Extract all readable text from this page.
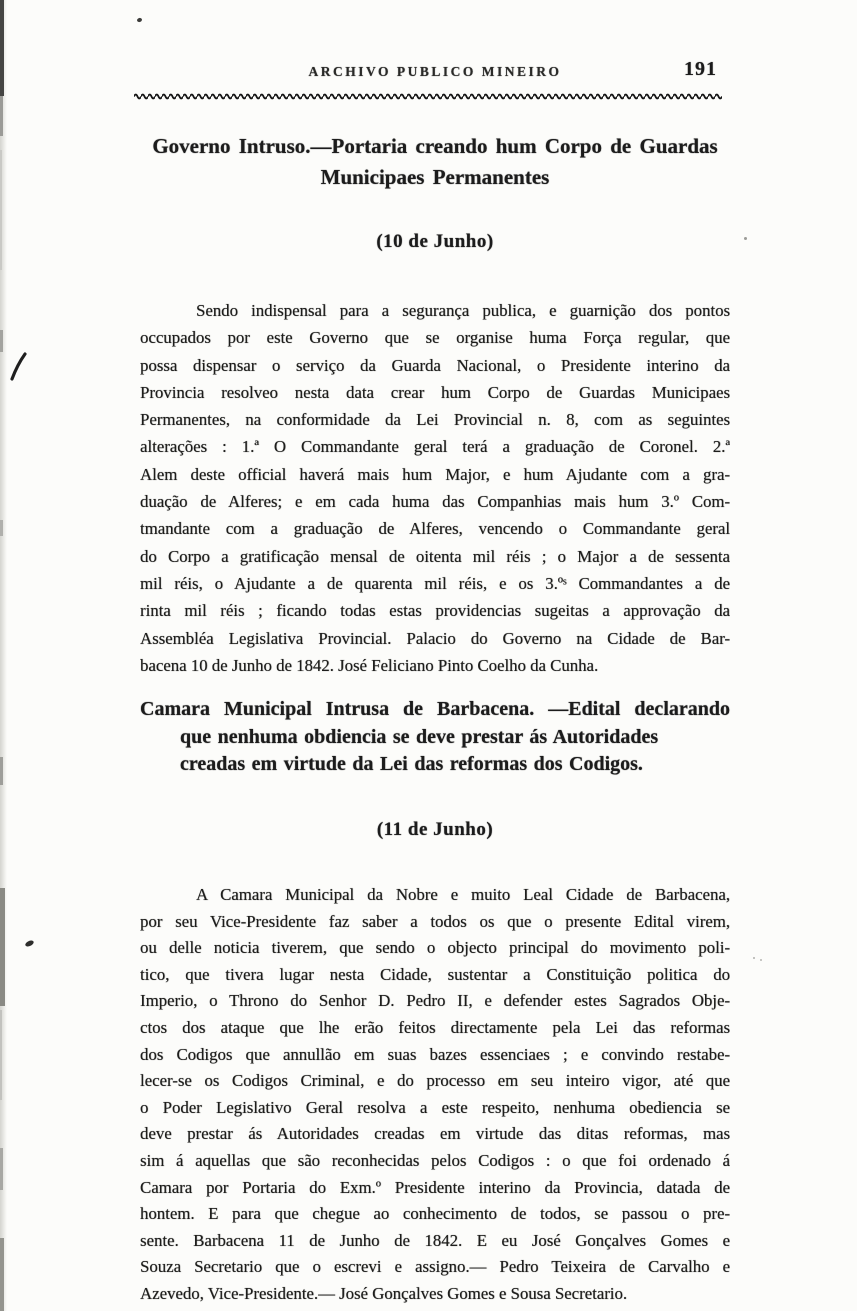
ARCHIVO PUBLICO MINEIRO	191
Governo Intruso.—Portaria creando hum Corpo de Guardas
Municipaes Permanentes
(10 de Junho)
Sendo indispensal para a segurança publica, e guarnição dos pontos
occupados por este Governo que se organise huma Força regular, que
possa dispensar o serviço da Guarda Nacional, o Presidente interino da
Provincia resolveo nesta data crear hum Corpo de Guardas Municipaes
Permanentes, na conformidade da Lei Provincial n. 8, com as seguintes
alterações : 1.ª O Commandante geral terá a graduação de Coronel. 2.ª
Alem deste official haverá mais hum Major, e hum Ajudante com a gra-
duação de Alferes; e em cada huma das Companhias mais hum 3.º Com-
tmandante com a graduação de Alferes, vencendo o Commandante geral
do Corpo a gratificação mensal de oitenta mil réis ; o Major a de sessenta
mil réis, o Ajudante a de quarenta mil réis, e os 3.ºˢ Commandantes a de
rinta mil réis ; ficando todas estas providencias sugeitas a approvação da
Assembléa Legislativa Provincial. Palacio do Governo na Cidade de Bar-
bacena 10 de Junho de 1842. José Feliciano Pinto Coelho da Cunha.
Camara Municipal Intrusa de Barbacena. —Edital declarando
que nenhuma obdiencia se deve prestar ás Autoridades
creadas em virtude da Lei das reformas dos Codigos.
(11 de Junho)
A Camara Municipal da Nobre e muito Leal Cidade de Barbacena,
por seu Vice-Presidente faz saber a todos os que o presente Edital virem,
ou delle noticia tiverem, que sendo o objecto principal do movimento poli-
tico, que tivera lugar nesta Cidade, sustentar a Constituição politica do
Imperio, o Throno do Senhor D. Pedro II, e defender estes Sagrados Obje-
ctos dos ataque que lhe erão feitos directamente pela Lei das reformas
dos Codigos que annullão em suas bazes essenciaes ; e convindo restabe-
lecer-se os Codigos Criminal, e do processo em seu inteiro vigor, até que
o Poder Legislativo Geral resolva a este respeito, nenhuma obediencia se
deve prestar ás Autoridades creadas em virtude das ditas reformas, mas
sim á aquellas que são reconhecidas pelos Codigos : o que foi ordenado á
Camara por Portaria do Exm.º Presidente interino da Provincia, datada de
hontem. E para que chegue ao conhecimento de todos, se passou o pre-
sente. Barbacena 11 de Junho de 1842. E eu José Gonçalves Gomes e
Souza Secretario que o escrevi e assigno.— Pedro Teixeira de Carvalho e
Azevedo, Vice-Presidente.— José Gonçalves Gomes e Sousa Secretario.
